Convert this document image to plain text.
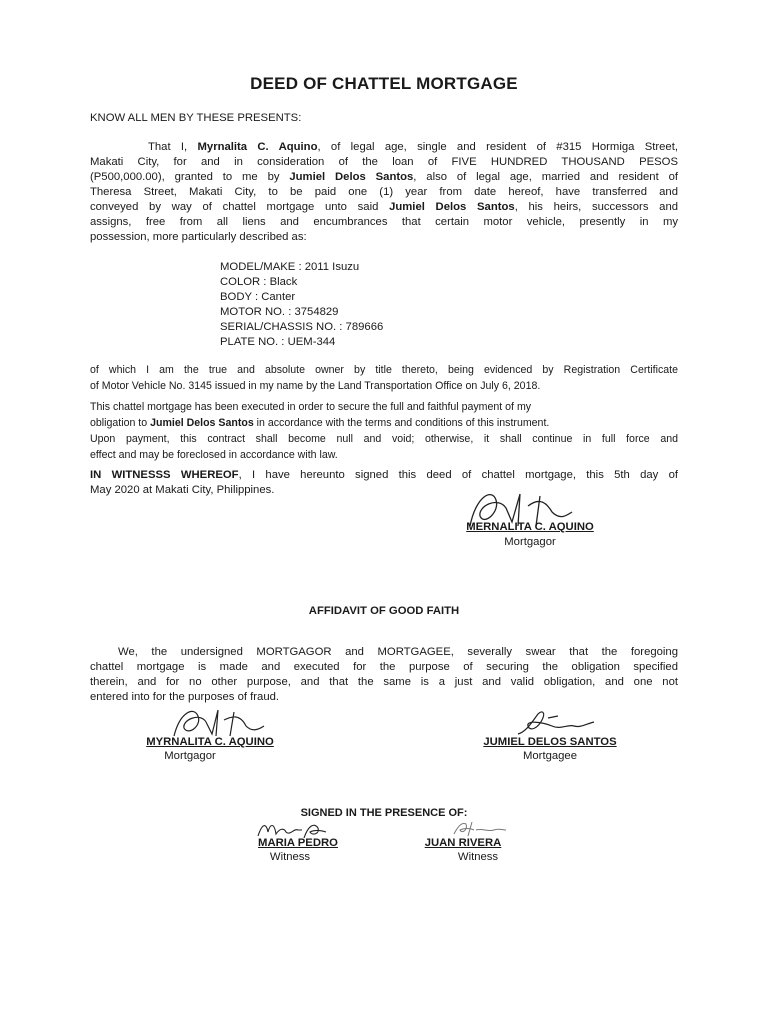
DEED OF CHATTEL MORTGAGE
KNOW ALL MEN BY THESE PRESENTS:
That I, Myrnalita C. Aquino, of legal age, single and resident of #315 Hormiga Street,
Makati City, for and in consideration of the loan of FIVE HUNDRED THOUSAND PESOS
(P500,000.00), granted to me by Jumiel Delos Santos, also of legal age, married and resident of
Theresa Street, Makati City, to be paid one (1) year from date hereof, have transferred and
conveyed by way of chattel mortgage unto said Jumiel Delos Santos, his heirs, successors and
assigns, free from all liens and encumbrances that certain motor vehicle, presently in my
possession, more particularly described as:
MODEL/MAKE : 2011 Isuzu
COLOR : Black
BODY : Canter
MOTOR NO. : 3754829
SERIAL/CHASSIS NO. : 789666
PLATE NO. : UEM-344
of which I am the true and absolute owner by title thereto, being evidenced by Registration Certificate
of Motor Vehicle No. 3145 issued in my name by the Land Transportation Office on July 6, 2018.
This chattel mortgage has been executed in order to secure the full and faithful payment of my
obligation to Jumiel Delos Santos in accordance with the terms and conditions of this instrument.
Upon payment, this contract shall become null and void; otherwise, it shall continue in full force and
effect and may be foreclosed in accordance with law.
IN WITNESSS WHEREOF, I have hereunto signed this deed of chattel mortgage, this 5th day of
May 2020 at Makati City, Philippines.
MERNALITA C. AQUINO
Mortgagor
AFFIDAVIT OF GOOD FAITH
We, the undersigned MORTGAGOR and MORTGAGEE, severally swear that the foregoing
chattel mortgage is made and executed for the purpose of securing the obligation specified
therein, and for no other purpose, and that the same is a just and valid obligation, and one not
entered into for the purposes of fraud.
MYRNALITA C. AQUINO
Mortgagor
JUMIEL DELOS SANTOS
Mortgagee
SIGNED IN THE PRESENCE OF:
MARIA PEDRO
Witness
JUAN RIVERA
Witness
